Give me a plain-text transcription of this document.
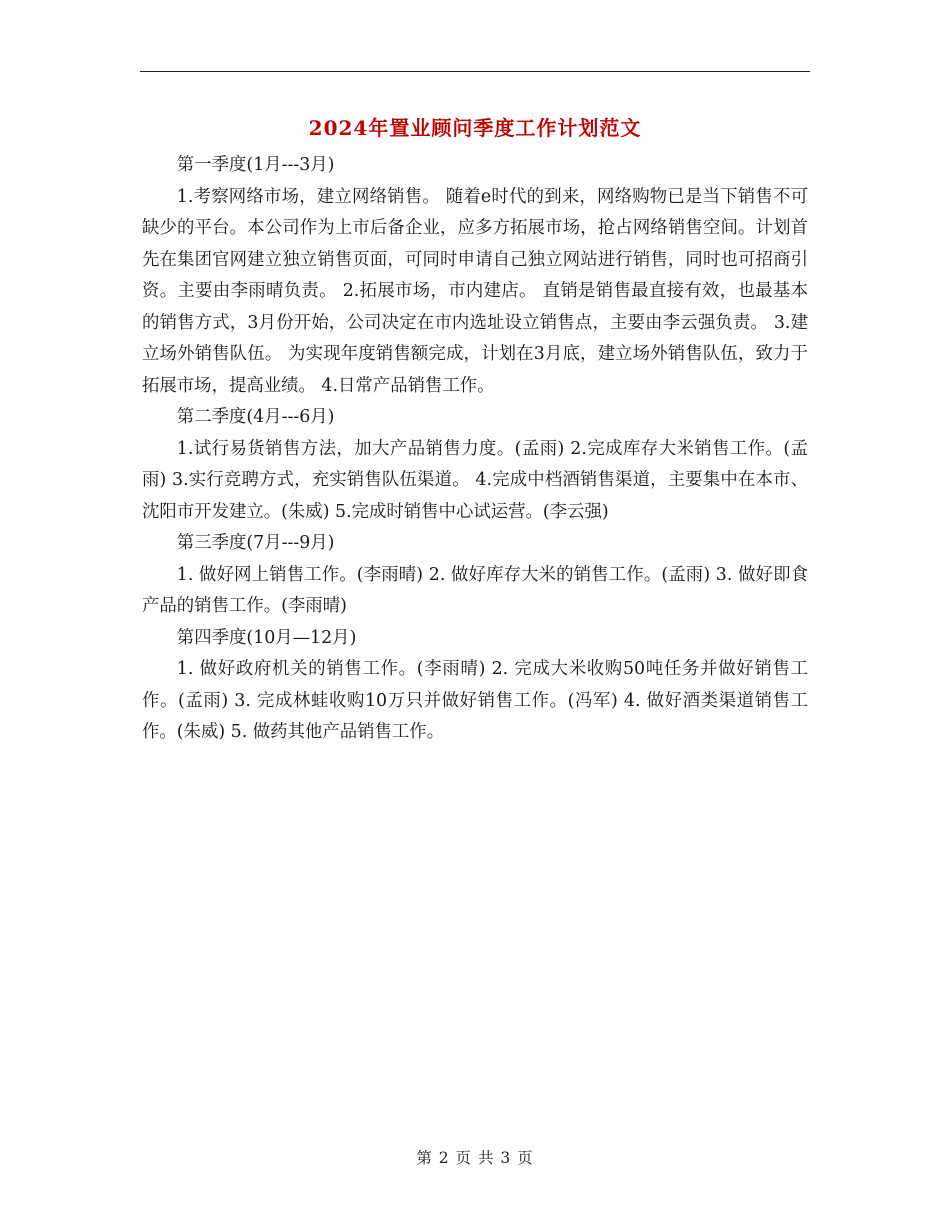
2024年置业顾问季度工作计划范文

第一季度(1月---3月)

1.考察网络市场，建立网络销售。 随着e时代的到来，网络购物已是当下销售不可缺少的平台。本公司作为上市后备企业，应多方拓展市场，抢占网络销售空间。计划首先在集团官网建立独立销售页面，可同时申请自己独立网站进行销售，同时也可招商引资。主要由李雨晴负责。 2.拓展市场，市内建店。 直销是销售最直接有效，也最基本的销售方式，3月份开始，公司决定在市内选址设立销售点，主要由李云强负责。 3.建立场外销售队伍。 为实现年度销售额完成，计划在3月底，建立场外销售队伍，致力于拓展市场，提高业绩。 4.日常产品销售工作。

第二季度(4月---6月)

1.试行易货销售方法，加大产品销售力度。(孟雨) 2.完成库存大米销售工作。(孟雨) 3.实行竞聘方式，充实销售队伍渠道。 4.完成中档酒销售渠道，主要集中在本市、沈阳市开发建立。(朱威) 5.完成时销售中心试运营。(李云强)

第三季度(7月---9月)

1. 做好网上销售工作。(李雨晴) 2. 做好库存大米的销售工作。(孟雨) 3. 做好即食产品的销售工作。(李雨晴)

第四季度(10月—12月)

1. 做好政府机关的销售工作。(李雨晴) 2. 完成大米收购50吨任务并做好销售工作。(孟雨) 3. 完成林蛙收购10万只并做好销售工作。(冯军) 4. 做好酒类渠道销售工作。(朱威) 5. 做药其他产品销售工作。

第 2 页 共 3 页
